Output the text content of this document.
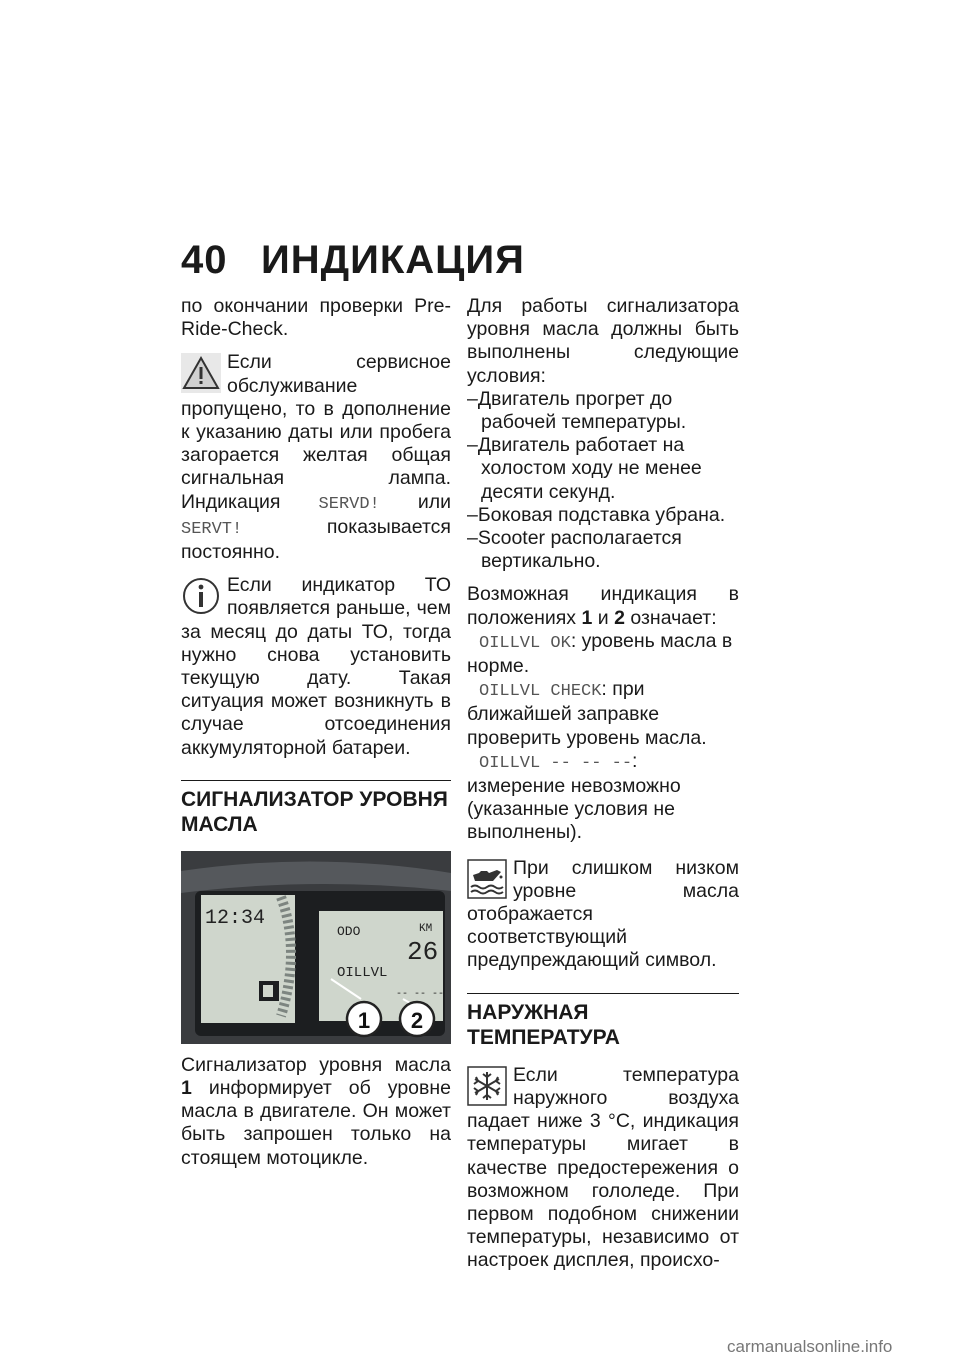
40 ИНДИКАЦИЯ

по окончании проверки Pre-Ride-Check.

Если сервисное обслуживание пропущено, то в дополнение к указанию даты или пробега загорается желтая общая сигнальная лампа. Индикация SERVD! или SERVT! показывается постоянно.
Если индикатор ТО появляется раньше, чем за месяц до даты ТО, тогда нужно снова установить текущую дату. Такая ситуация может возникнуть в случае отсоединения аккумуляторной батареи.
СИГНАЛИЗАТОР УРОВНЯ МАСЛА
12:34
ODO	KM
26
OILLVL
-- -- --
1 2

Сигнализатор уровня масла 1 информирует об уровне масла в двигателе. Он может быть запрошен только на стоящем мотоцикле.

Для работы сигнализатора уровня масла должны быть выполнены следующие условия:

–Двигатель прогрет до рабочей температуры.

–Двигатель работает на холостом ходу не менее десяти секунд.

–Боковая подставка убрана.

–Scooter располагается вертикально.

Возможная индикация в положениях 1 и 2 означает:

OILLVL OK: уровень масла в норме.

OILLVL CHECK: при ближайшей заправке проверить уровень масла.

OILLVL -- -- --: измерение невозможно (указанные условия не выполнены).

При слишком низком уровне масла отображается соответствующий предупреждающий символ.
НАРУЖНАЯ ТЕМПЕРАТУРА
Если температура наружного воздуха падает ниже 3 °C, индикация температуры мигает в качестве предостережения о возможном гололеде. При первом подобном снижении температуры, независимо от настроек дисплея, происхо-
carmanualsonline.info
